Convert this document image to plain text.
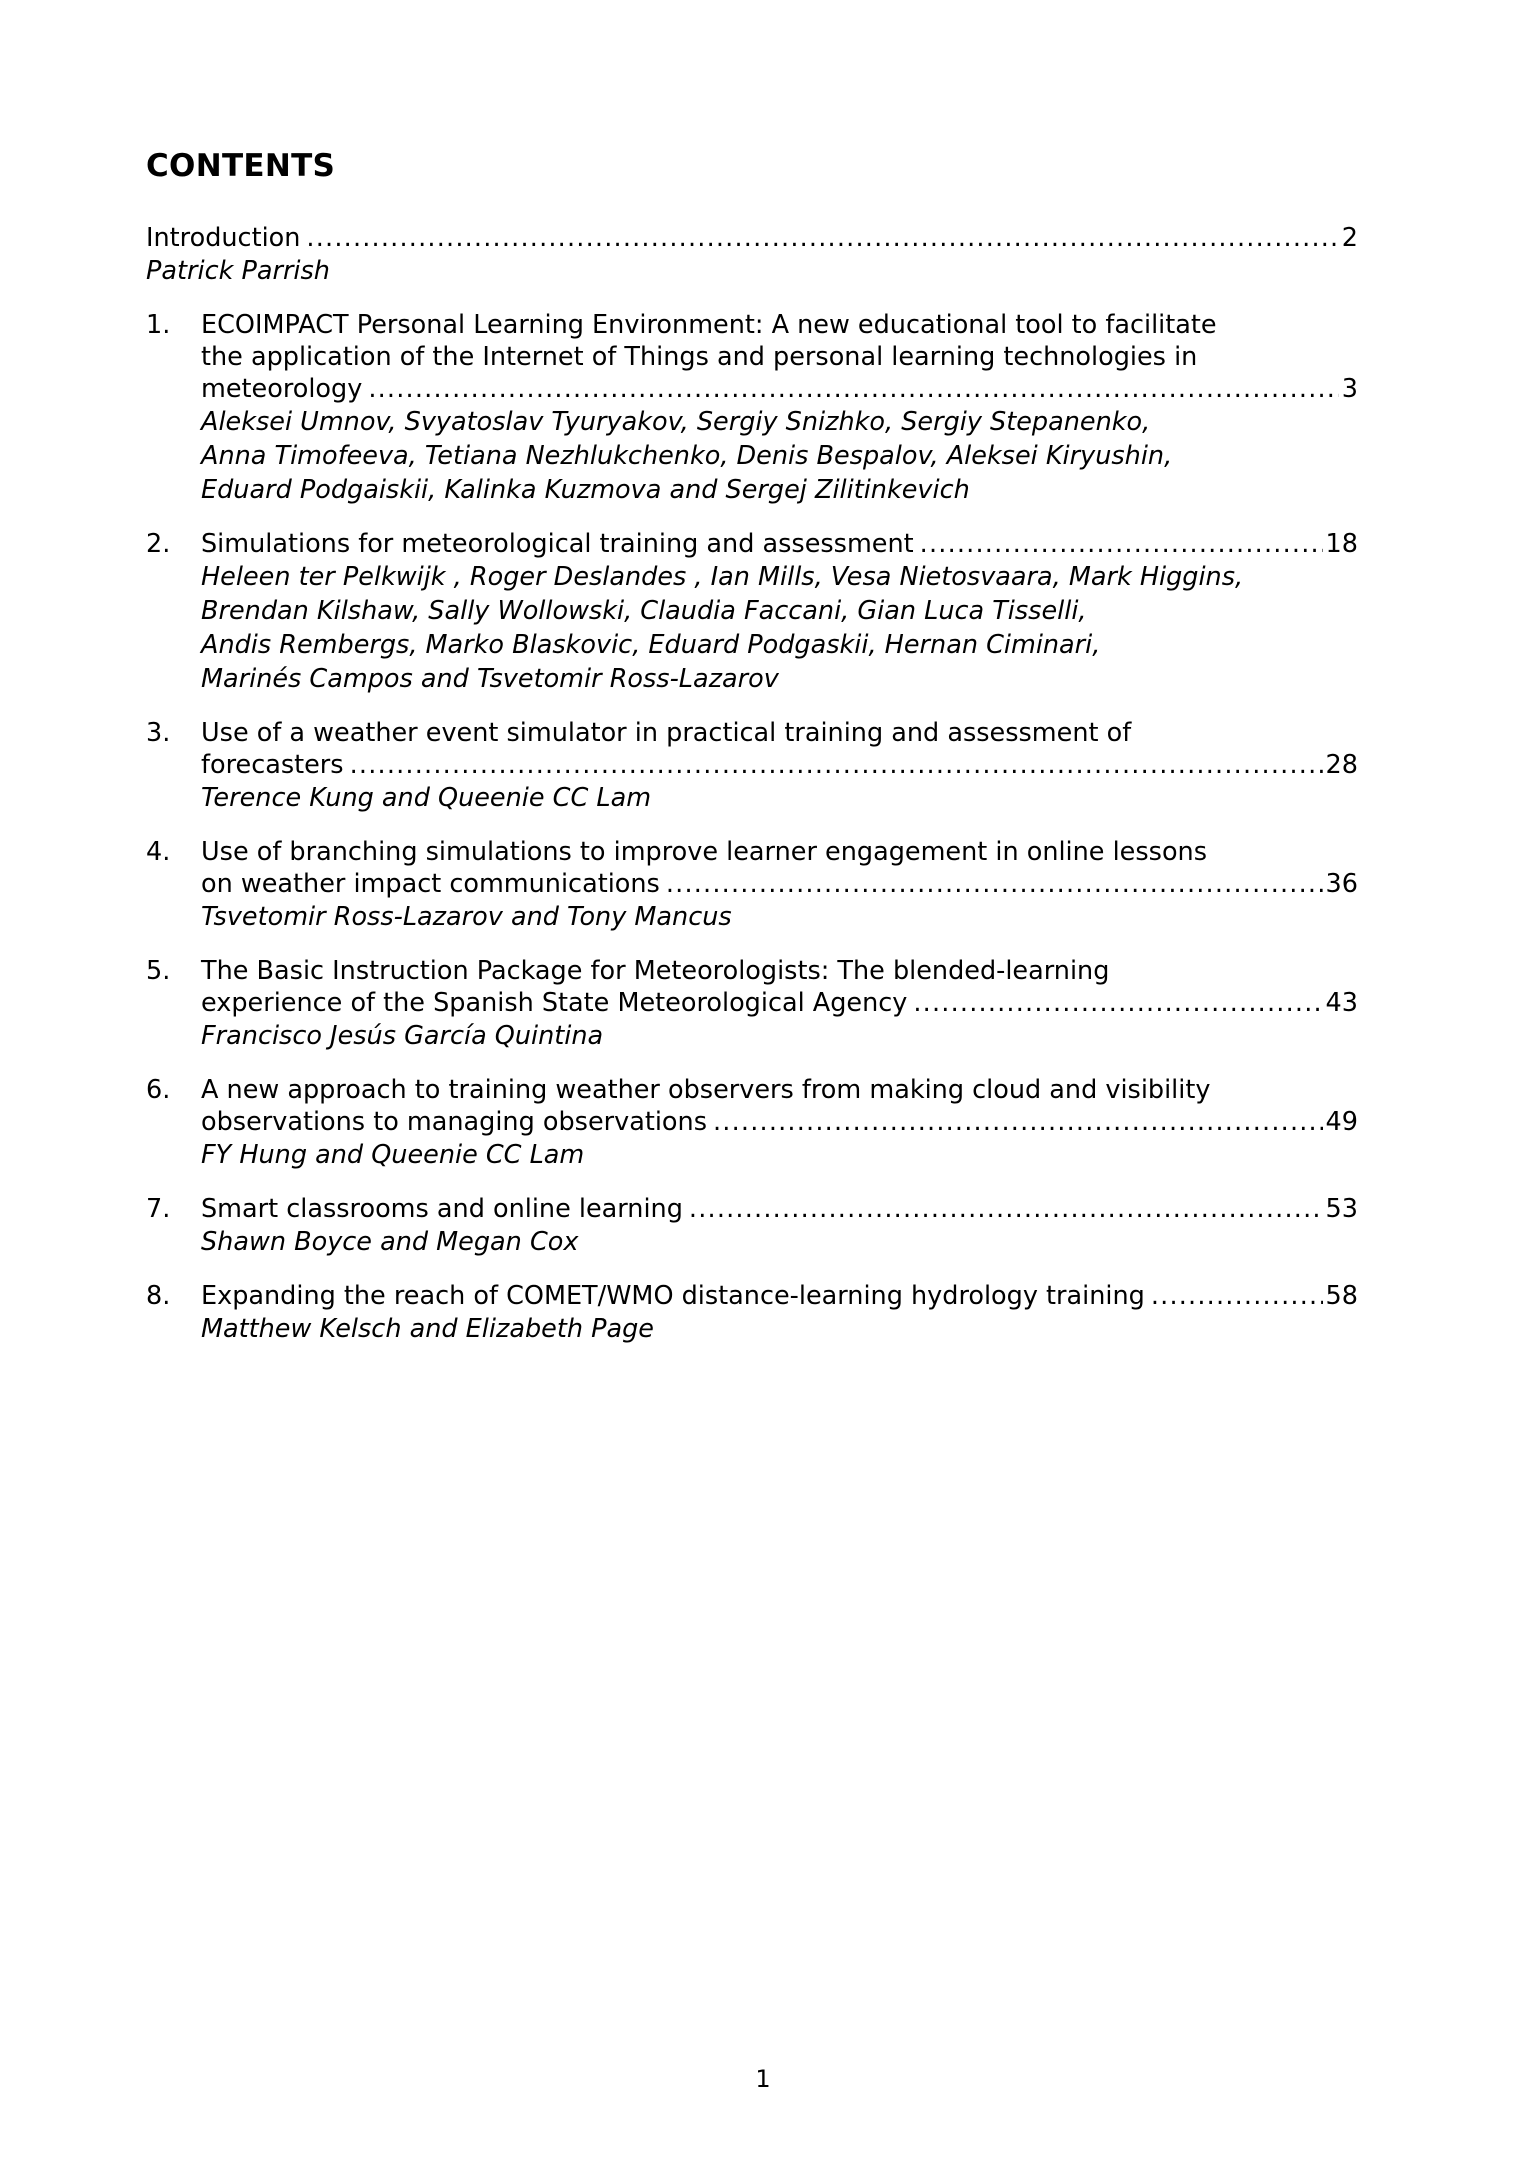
CONTENTS
Introduction .....	2
Patrick Parrish
1.	ECOIMPACT Personal Learning Environment: A new educational tool to facilitate
the application of the Internet of Things and personal learning technologies in
meteorology .....	3
Aleksei Umnov, Svyatoslav Tyuryakov, Sergiy Snizhko, Sergiy Stepanenko,
Anna Timofeeva, Tetiana Nezhlukchenko, Denis Bespalov, Aleksei Kiryushin,
Eduard Podgaiskii, Kalinka Kuzmova and Sergej Zilitinkevich
2.	Simulations for meteorological training and assessment .....	18
Heleen ter Pelkwijk , Roger Deslandes , Ian Mills, Vesa Nietosvaara, Mark Higgins,
Brendan Kilshaw, Sally Wollowski, Claudia Faccani, Gian Luca Tisselli,
Andis Rembergs, Marko Blaskovic, Eduard Podgaskii, Hernan Ciminari,
Marinés Campos and Tsvetomir Ross-Lazarov
3.	Use of a weather event simulator in practical training and assessment of
forecasters .....	28
Terence Kung and Queenie CC Lam
4.	Use of branching simulations to improve learner engagement in online lessons
on weather impact communications .....	36
Tsvetomir Ross-Lazarov and Tony Mancus
5.	The Basic Instruction Package for Meteorologists: The blended-learning
experience of the Spanish State Meteorological Agency .....	43
Francisco Jesús García Quintina
6.	A new approach to training weather observers from making cloud and visibility
observations to managing observations .....	49
FY Hung and Queenie CC Lam
7.	Smart classrooms and online learning .....	53
Shawn Boyce and Megan Cox
8.	Expanding the reach of COMET/WMO distance-learning hydrology training .....	58
Matthew Kelsch and Elizabeth Page
1
